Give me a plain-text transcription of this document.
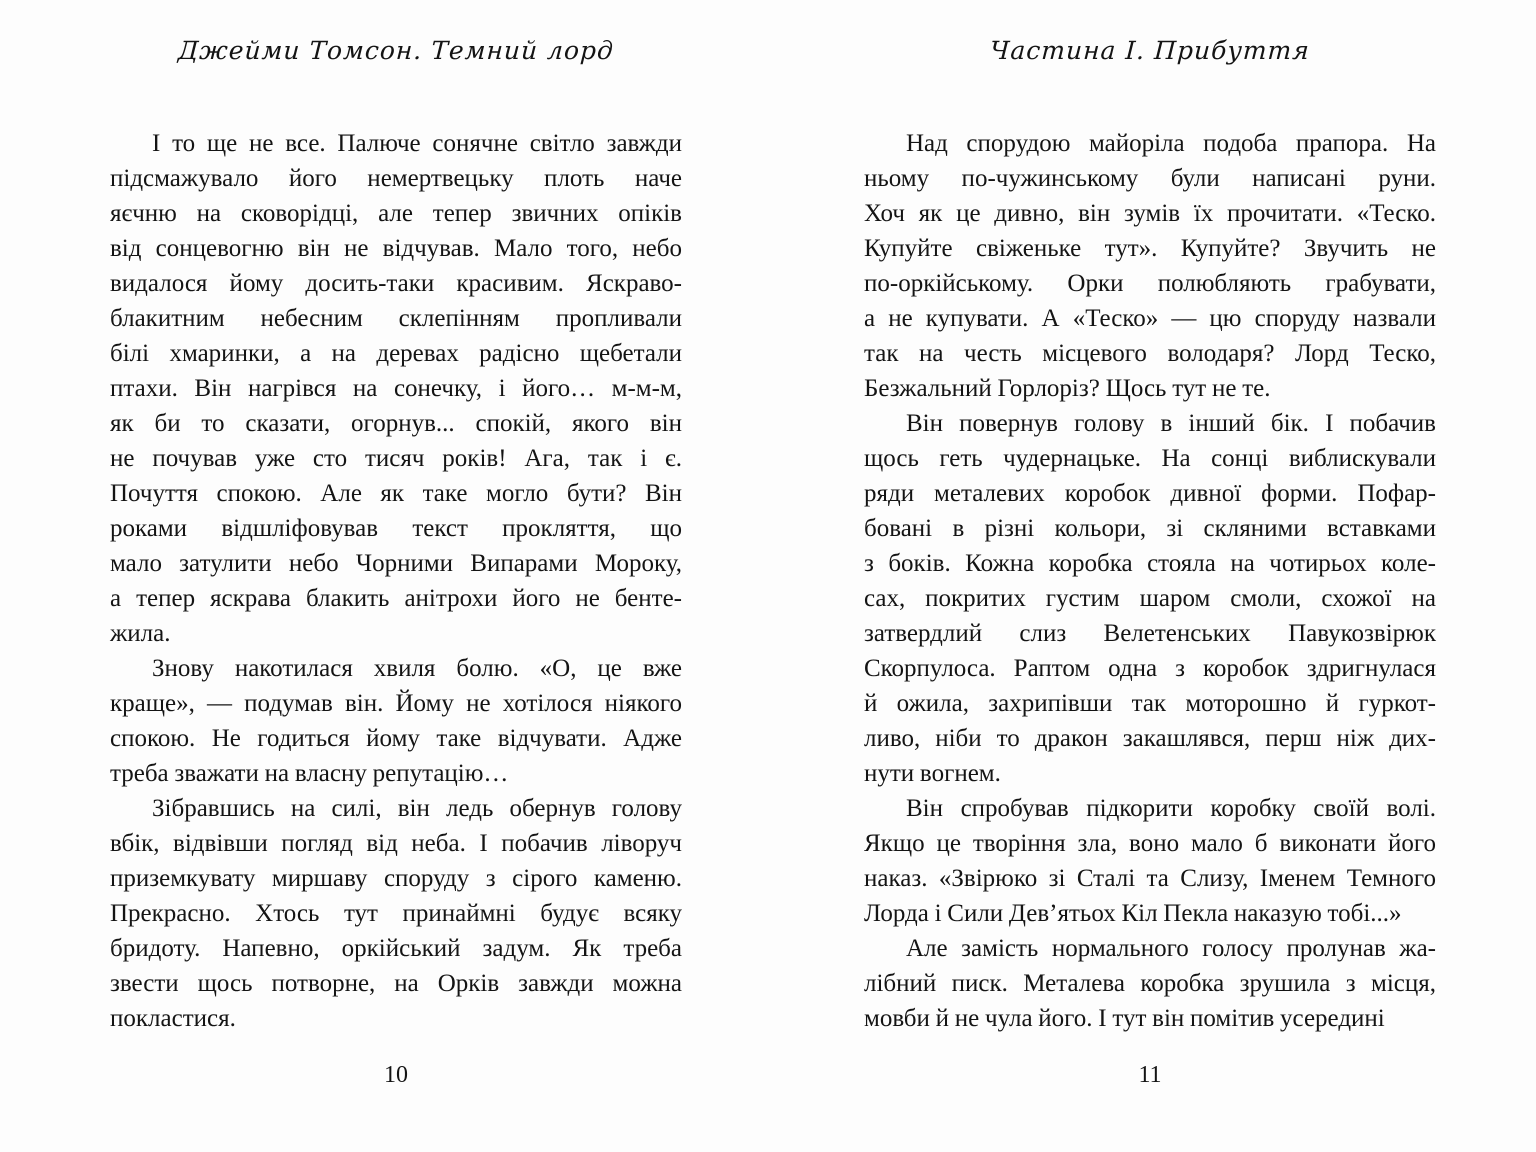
Джейми Томсон. Темний лорд
І то ще не все. Палюче сонячне світло завжди
підсмажувало його немертвецьку плоть наче
яєчню на сковорідці, але тепер звичних опіків
від сонцевогню він не відчував. Мало того, небо
видалося йому досить-таки красивим. Яскраво-
блакитним небесним склепінням пропливали
білі хмаринки, а на деревах радісно щебетали
птахи. Він нагрівся на сонечку, і його… м-м-м,
як би то сказати, огорнув... спокій, якого він
не почував уже сто тисяч років! Ага, так і є.
Почуття спокою. Але як таке могло бути? Він
роками відшліфовував текст прокляття, що
мало затулити небо Чорними Випарами Мороку,
а тепер яскрава блакить анітрохи його не бенте-
жила.
Знову накотилася хвиля болю. «О, це вже
краще», — подумав він. Йому не хотілося ніякого
спокою. Не годиться йому таке відчувати. Адже
треба зважати на власну репутацію…
Зібравшись на силі, він ледь обернув голову
вбік, відвівши погляд від неба. І побачив ліворуч
приземкувату миршаву споруду з сірого каменю.
Прекрасно. Хтось тут принаймні будує всяку
бридоту. Напевно, оркійський задум. Як треба
звести щось потворне, на Орків завжди можна
покластися.
10
Частина I. Прибуття
Над спорудою майоріла подоба прапора. На
ньому по-чужинському були написані руни.
Хоч як це дивно, він зумів їх прочитати. «Теско.
Купуйте свіженьке тут». Купуйте? Звучить не
по-оркійському. Орки полюбляють грабувати,
а не купувати. А «Теско» — цю споруду назвали
так на честь місцевого володаря? Лорд Теско,
Безжальний Горлоріз? Щось тут не те.
Він повернув голову в інший бік. І побачив
щось геть чудернацьке. На сонці виблискували
ряди металевих коробок дивної форми. Пофар-
бовані в різні кольори, зі скляними вставками
з боків. Кожна коробка стояла на чотирьох коле-
сах, покритих густим шаром смоли, схожої на
затвердлий слиз Велетенських Павукозвірюк
Скорпулоса. Раптом одна з коробок здригнулася
й ожила, захрипівши так моторошно й гуркот-
ливо, ніби то дракон закашлявся, перш ніж дих-
нути вогнем.
Він спробував підкорити коробку своїй волі.
Якщо це творіння зла, воно мало б виконати його
наказ. «Звірюко зі Сталі та Слизу, Іменем Темного
Лорда і Сили Дев’ятьох Кіл Пекла наказую тобі...»
Але замість нормального голосу пролунав жа-
лібний писк. Металева коробка зрушила з місця,
мовби й не чула його. І тут він помітив усередині
11
